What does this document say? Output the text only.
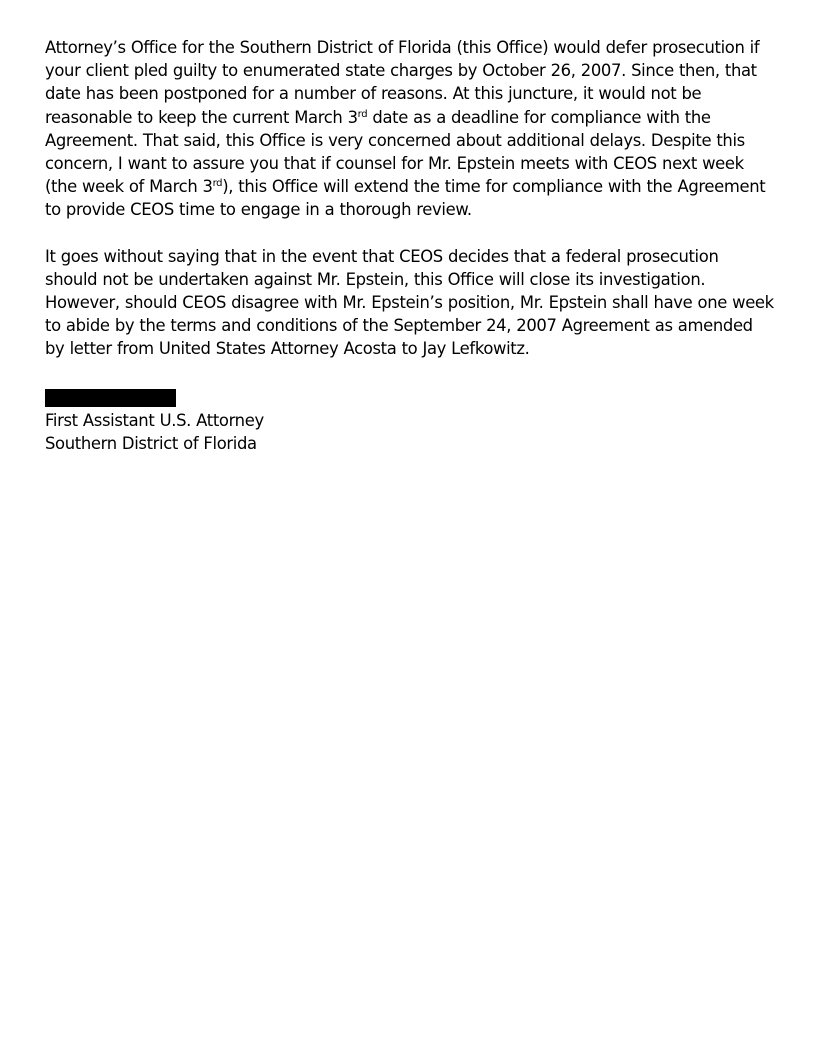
Attorney’s Office for the Southern District of Florida (this Office) would defer prosecution if your client pled guilty to enumerated state charges by October 26, 2007. Since then, that date has been postponed for a number of reasons. At this juncture, it would not be reasonable to keep the current March 3rd date as a deadline for compliance with the Agreement. That said, this Office is very concerned about additional delays. Despite this concern, I want to assure you that if counsel for Mr. Epstein meets with CEOS next week (the week of March 3rd), this Office will extend the time for compliance with the Agreement to provide CEOS time to engage in a thorough review.

It goes without saying that in the event that CEOS decides that a federal prosecution should not be undertaken against Mr. Epstein, this Office will close its investigation. However, should CEOS disagree with Mr. Epstein’s position, Mr. Epstein shall have one week to abide by the terms and conditions of the September 24, 2007 Agreement as amended by letter from United States Attorney Acosta to Jay Lefkowitz.

First Assistant U.S. Attorney
Southern District of Florida
